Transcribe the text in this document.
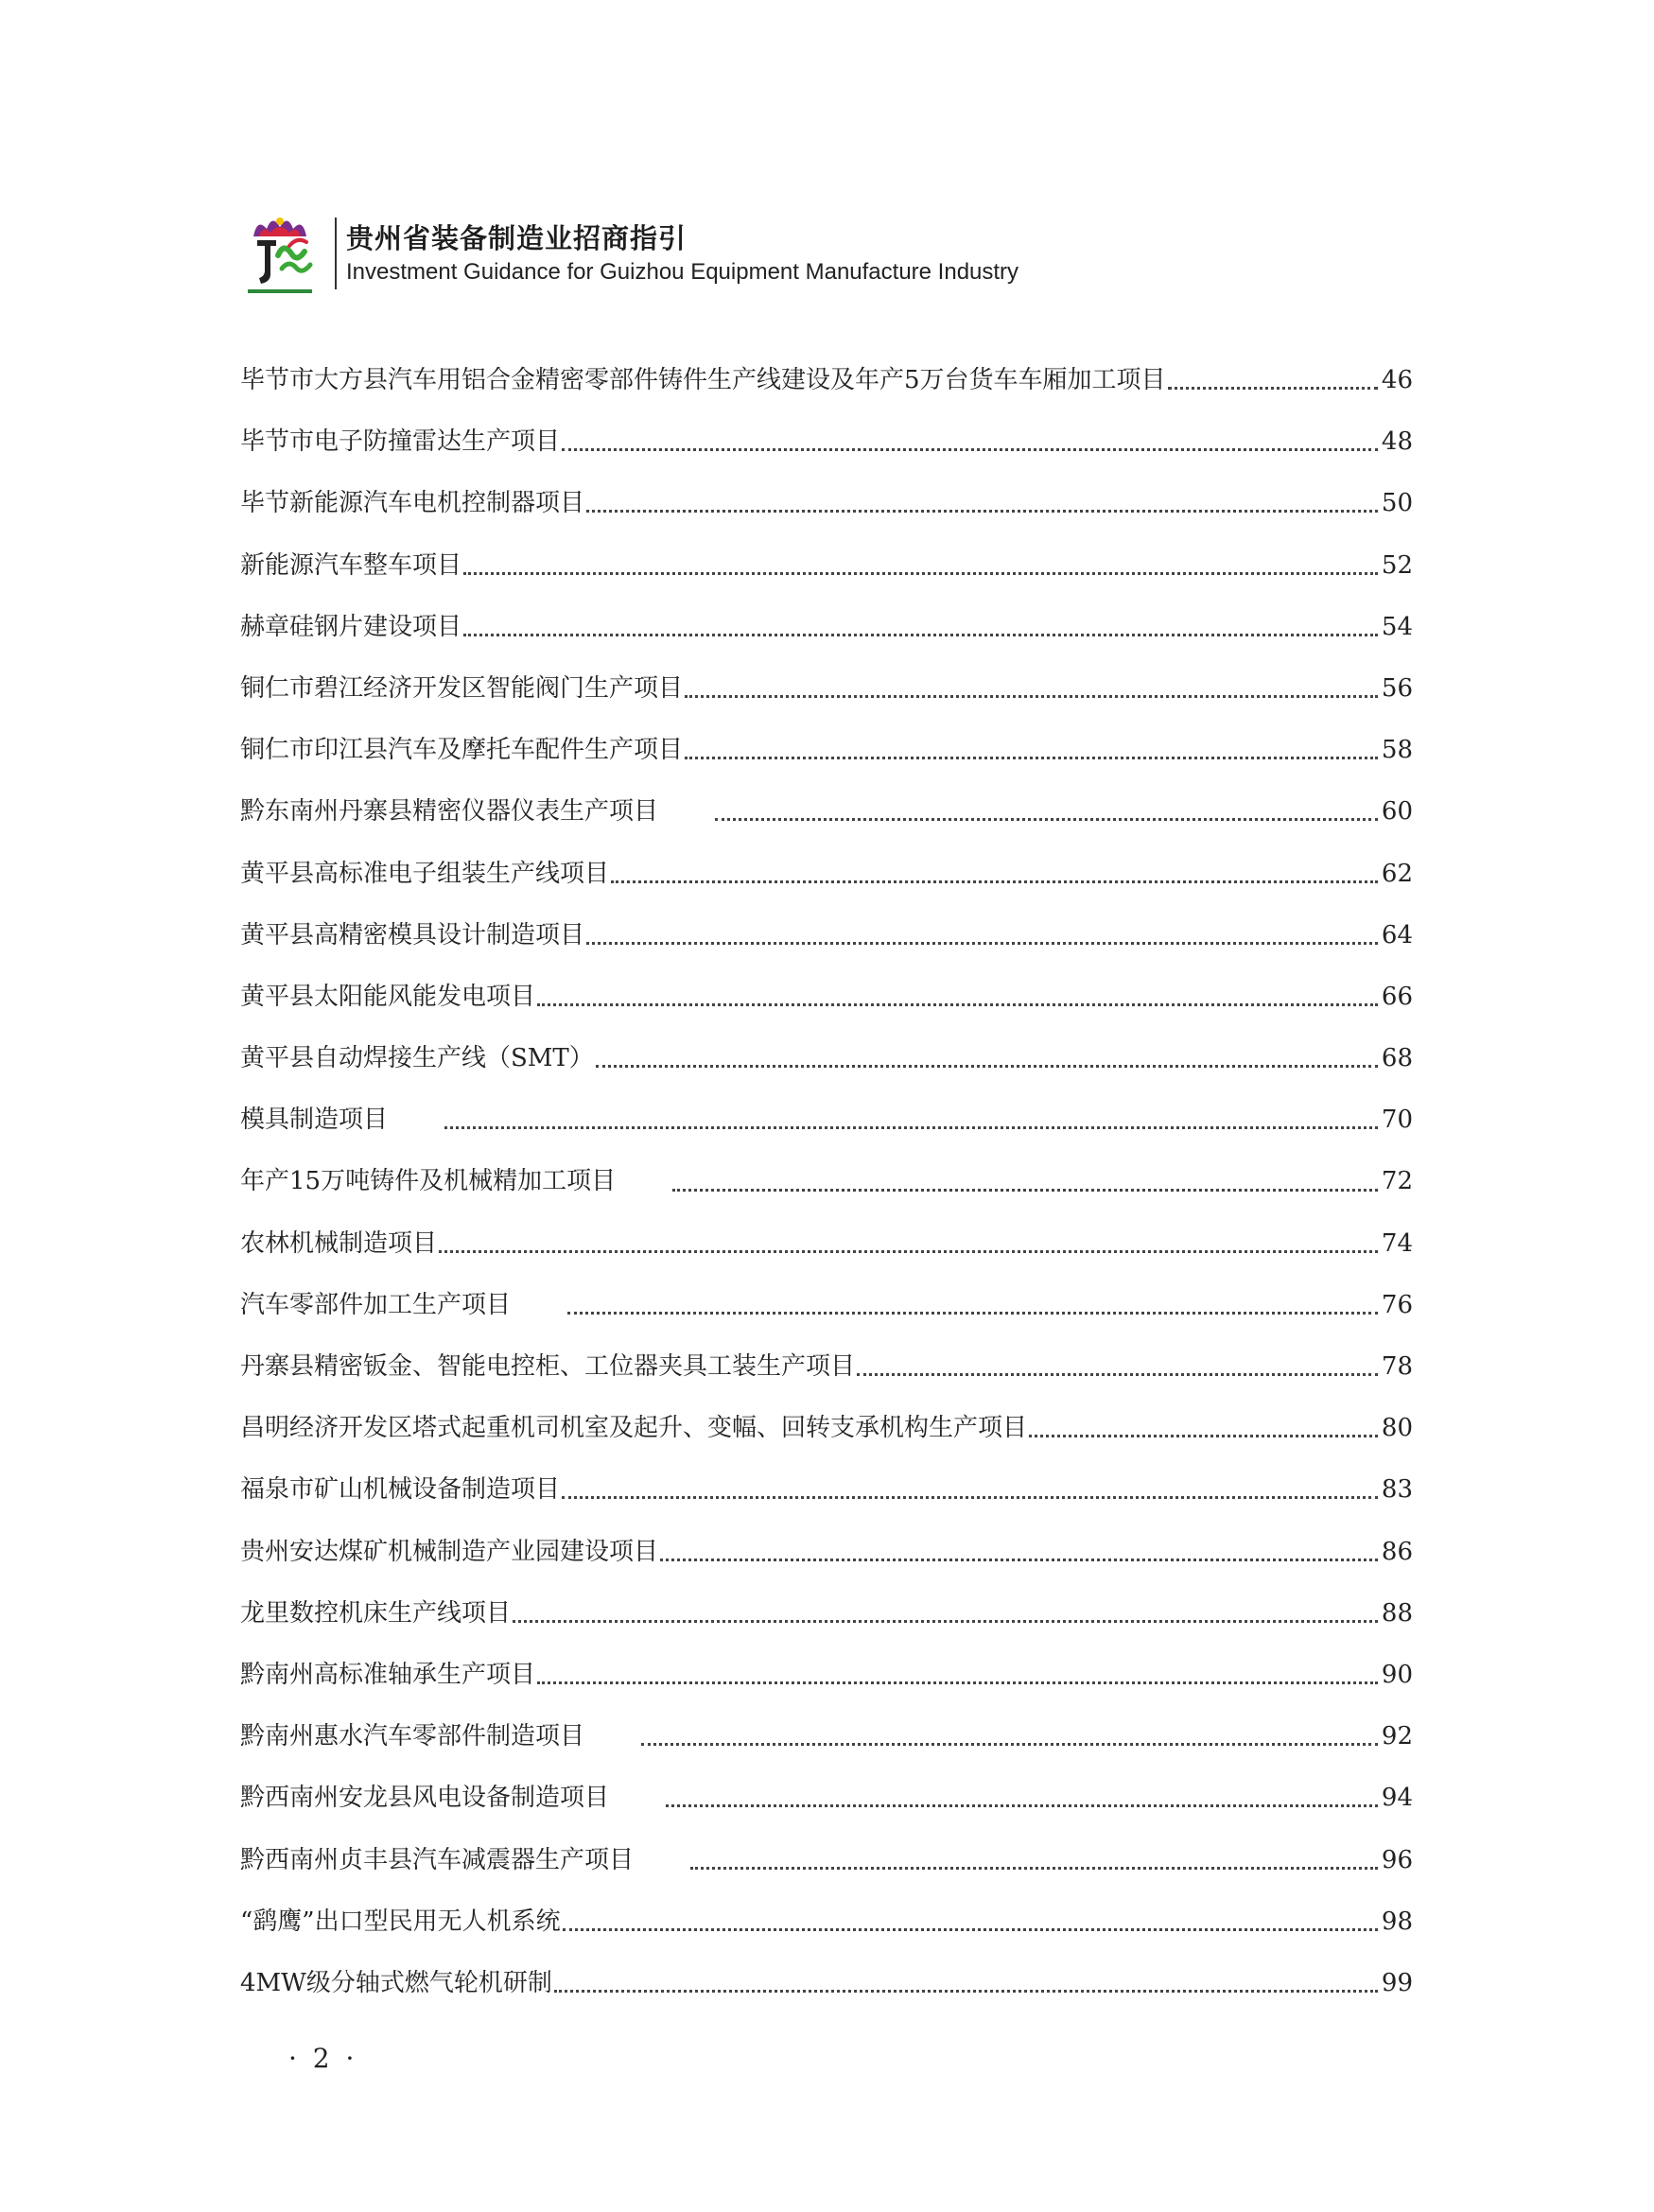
贵州省装备制造业招商指引
Investment Guidance for Guizhou Equipment Manufacture Industry
毕节市大方县汽车用铝合金精密零部件铸件生产线建设及年产5万台货车车厢加工项目	46
毕节市电子防撞雷达生产项目	48
毕节新能源汽车电机控制器项目	50
新能源汽车整车项目	52
赫章硅钢片建设项目	54
铜仁市碧江经济开发区智能阀门生产项目	56
铜仁市印江县汽车及摩托车配件生产项目	58
黔东南州丹寨县精密仪器仪表生产项目	60
黄平县高标准电子组装生产线项目	62
黄平县高精密模具设计制造项目	64
黄平县太阳能风能发电项目	66
黄平县自动焊接生产线（SMT）	68
模具制造项目	70
年产15万吨铸件及机械精加工项目	72
农林机械制造项目	74
汽车零部件加工生产项目	76
丹寨县精密钣金、智能电控柜、工位器夹具工装生产项目	78
昌明经济开发区塔式起重机司机室及起升、变幅、回转支承机构生产项目	80
福泉市矿山机械设备制造项目	83
贵州安达煤矿机械制造产业园建设项目	86
龙里数控机床生产线项目	88
黔南州高标准轴承生产项目	90
黔南州惠水汽车零部件制造项目	92
黔西南州安龙县风电设备制造项目	94
黔西南州贞丰县汽车减震器生产项目	96
“鹞鹰”出口型民用无人机系统	98
4MW级分轴式燃气轮机研制	99
· 2 ·
